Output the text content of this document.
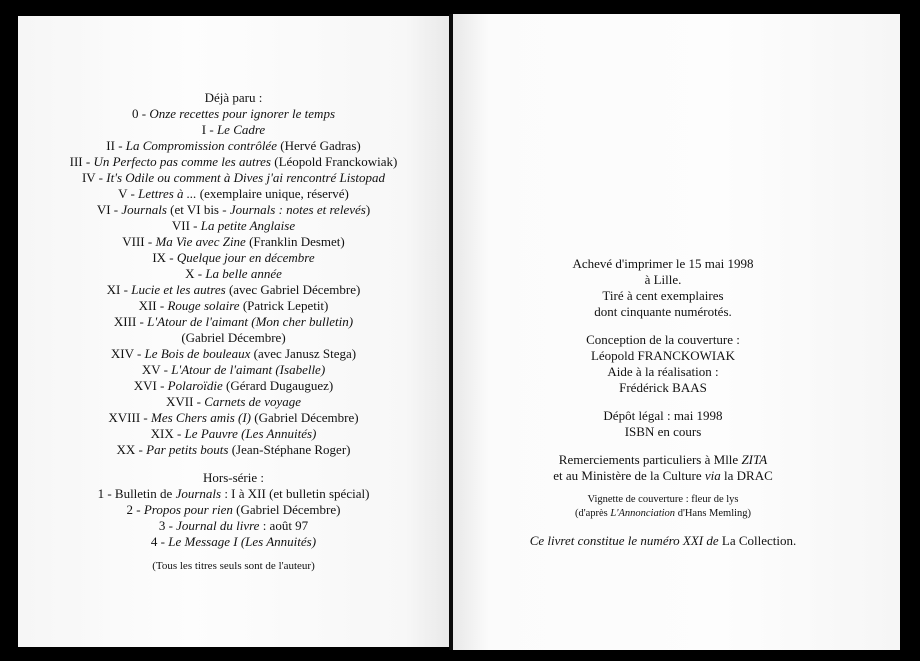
Déjà paru :
0 - Onze recettes pour ignorer le temps
I - Le Cadre
II - La Compromission contrôlée (Hervé Gadras)
III - Un Perfecto pas comme les autres (Léopold Franckowiak)
IV - It's Odile ou comment à Dives j'ai rencontré Listopad
V - Lettres à ... (exemplaire unique, réservé)
VI - Journals (et VI bis - Journals : notes et relevés)
VII - La petite Anglaise
VIII - Ma Vie avec Zine (Franklin Desmet)
IX - Quelque jour en décembre
X - La belle année
XI - Lucie et les autres (avec Gabriel Décembre)
XII - Rouge solaire (Patrick Lepetit)
XIII - L'Atour de l'aimant (Mon cher bulletin)
(Gabriel Décembre)
XIV - Le Bois de bouleaux (avec Janusz Stega)
XV - L'Atour de l'aimant (Isabelle)
XVI - Polaroïdie (Gérard Dugauguez)
XVII - Carnets de voyage
XVIII - Mes Chers amis (I) (Gabriel Décembre)
XIX - Le Pauvre (Les Annuités)
XX - Par petits bouts (Jean-Stéphane Roger)
Hors-série :
1 - Bulletin de Journals : I à XII (et bulletin spécial)
2 - Propos pour rien (Gabriel Décembre)
3 - Journal du livre : août 97
4 - Le Message I (Les Annuités)
(Tous les titres seuls sont de l'auteur)
Achevé d'imprimer le 15 mai 1998
à Lille.
Tiré à cent exemplaires
dont cinquante numérotés.
Conception de la couverture :
Léopold FRANCKOWIAK
Aide à la réalisation :
Frédérick BAAS
Dépôt légal : mai 1998
ISBN en cours
Remerciements particuliers à Mlle ZITA
et au Ministère de la Culture via la DRAC
Vignette de couverture : fleur de lys
(d'après L'Annonciation d'Hans Memling)
Ce livret constitue le numéro XXI de La Collection.
